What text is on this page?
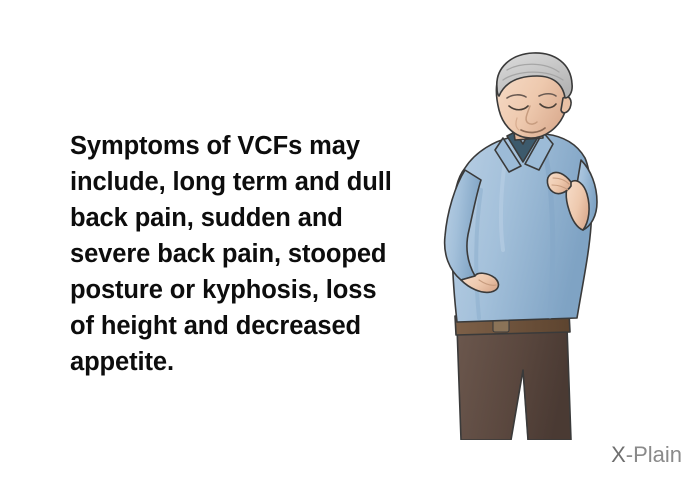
Symptoms of VCFs may include, long term and dull back pain, sudden and severe back pain, stooped posture or kyphosis, loss of height and decreased appetite.
X-Plain
